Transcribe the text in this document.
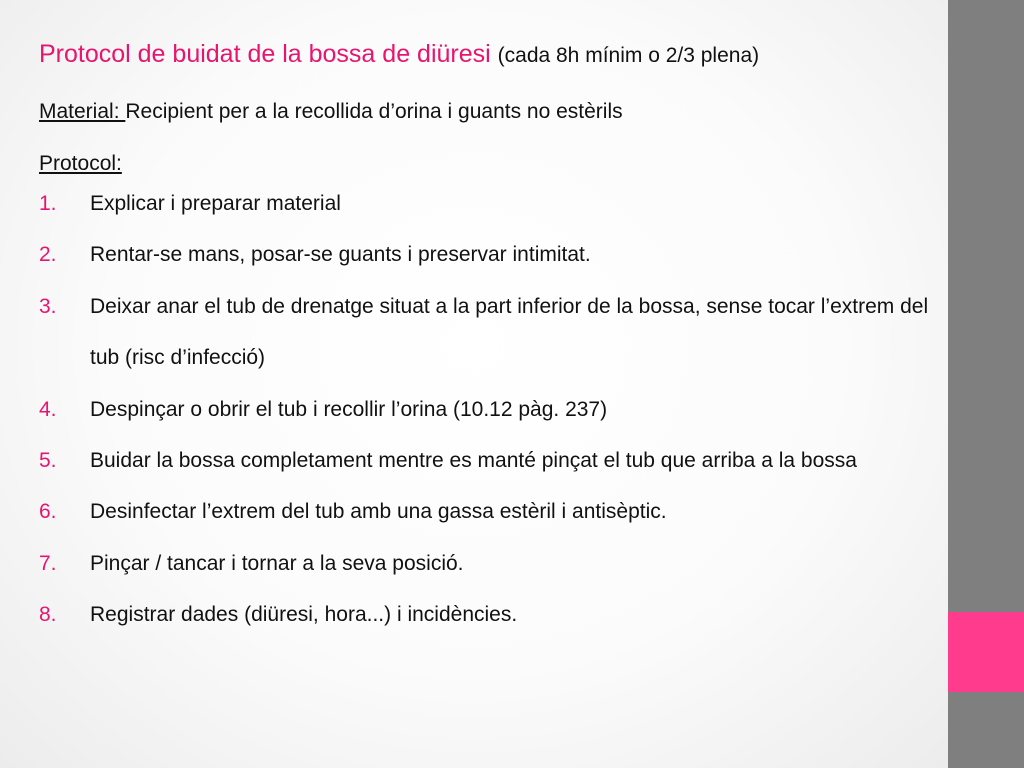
Protocol de buidat de la bossa de diüresi (cada 8h mínim o 2/3 plena)
Material: Recipient per a la recollida d’orina i guants no estèrils
Protocol:
1.	Explicar i preparar material
2.	Rentar-se mans, posar-se guants i preservar intimitat.
3.	Deixar anar el tub de drenatge situat a la part inferior de la bossa, sense tocar l’extrem del tub (risc d’infecció)
4.	Despinçar o obrir el tub i recollir l’orina (10.12 pàg. 237)
5.	Buidar la bossa completament mentre es manté pinçat el tub que arriba a la bossa
6.	Desinfectar l’extrem del tub amb una gassa estèril i antisèptic.
7.	Pinçar / tancar i tornar a la seva posició.
8.	Registrar dades (diüresi, hora...) i incidències.
